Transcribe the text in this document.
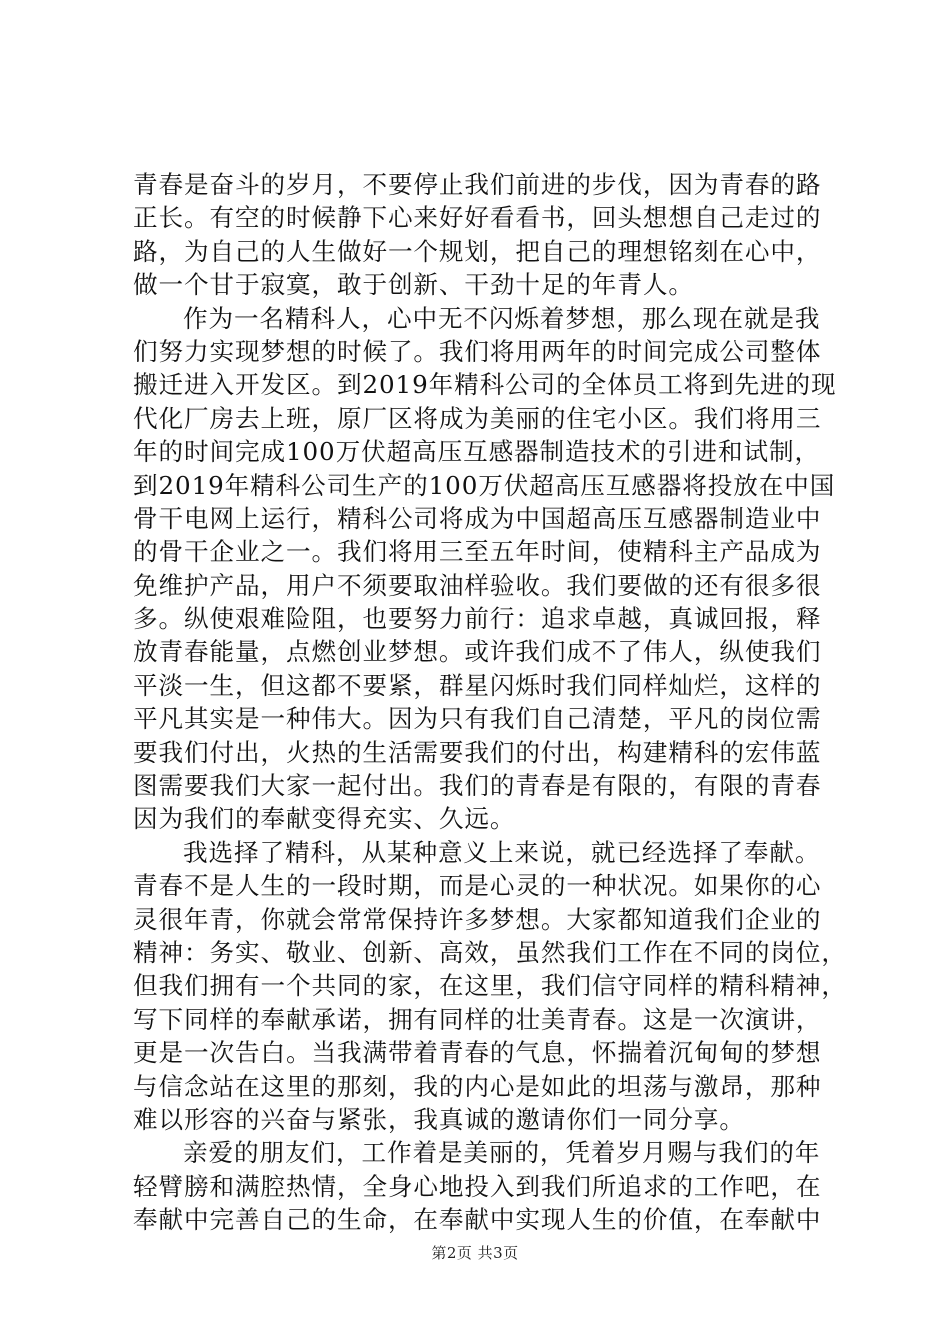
青春是奋斗的岁月，不要停止我们前进的步伐，因为青春的路
正长。有空的时候静下心来好好看看书，回头想想自己走过的
路，为自己的人生做好一个规划，把自己的理想铭刻在心中，
做一个甘于寂寞，敢于创新、干劲十足的年青人。
作为一名精科人，心中无不闪烁着梦想，那么现在就是我
们努力实现梦想的时候了。我们将用两年的时间完成公司整体
搬迁进入开发区。到2019年精科公司的全体员工将到先进的现
代化厂房去上班，原厂区将成为美丽的住宅小区。我们将用三
年的时间完成100万伏超高压互感器制造技术的引进和试制，
到2019年精科公司生产的100万伏超高压互感器将投放在中国
骨干电网上运行，精科公司将成为中国超高压互感器制造业中
的骨干企业之一。我们将用三至五年时间，使精科主产品成为
免维护产品，用户不须要取油样验收。我们要做的还有很多很
多。纵使艰难险阻，也要努力前行：追求卓越，真诚回报，释
放青春能量，点燃创业梦想。或许我们成不了伟人，纵使我们
平淡一生，但这都不要紧，群星闪烁时我们同样灿烂，这样的
平凡其实是一种伟大。因为只有我们自己清楚，平凡的岗位需
要我们付出，火热的生活需要我们的付出，构建精科的宏伟蓝
图需要我们大家一起付出。我们的青春是有限的，有限的青春
因为我们的奉献变得充实、久远。
我选择了精科，从某种意义上来说，就已经选择了奉献。
青春不是人生的一段时期，而是心灵的一种状况。如果你的心
灵很年青，你就会常常保持许多梦想。大家都知道我们企业的
精神：务实、敬业、创新、高效，虽然我们工作在不同的岗位，
但我们拥有一个共同的家，在这里，我们信守同样的精科精神，
写下同样的奉献承诺，拥有同样的壮美青春。这是一次演讲，
更是一次告白。当我满带着青春的气息，怀揣着沉甸甸的梦想
与信念站在这里的那刻，我的内心是如此的坦荡与激昂，那种
难以形容的兴奋与紧张，我真诚的邀请你们一同分享。
亲爱的朋友们，工作着是美丽的，凭着岁月赐与我们的年
轻臂膀和满腔热情，全身心地投入到我们所追求的工作吧，在
奉献中完善自己的生命，在奉献中实现人生的价值，在奉献中
第2页 共3页
